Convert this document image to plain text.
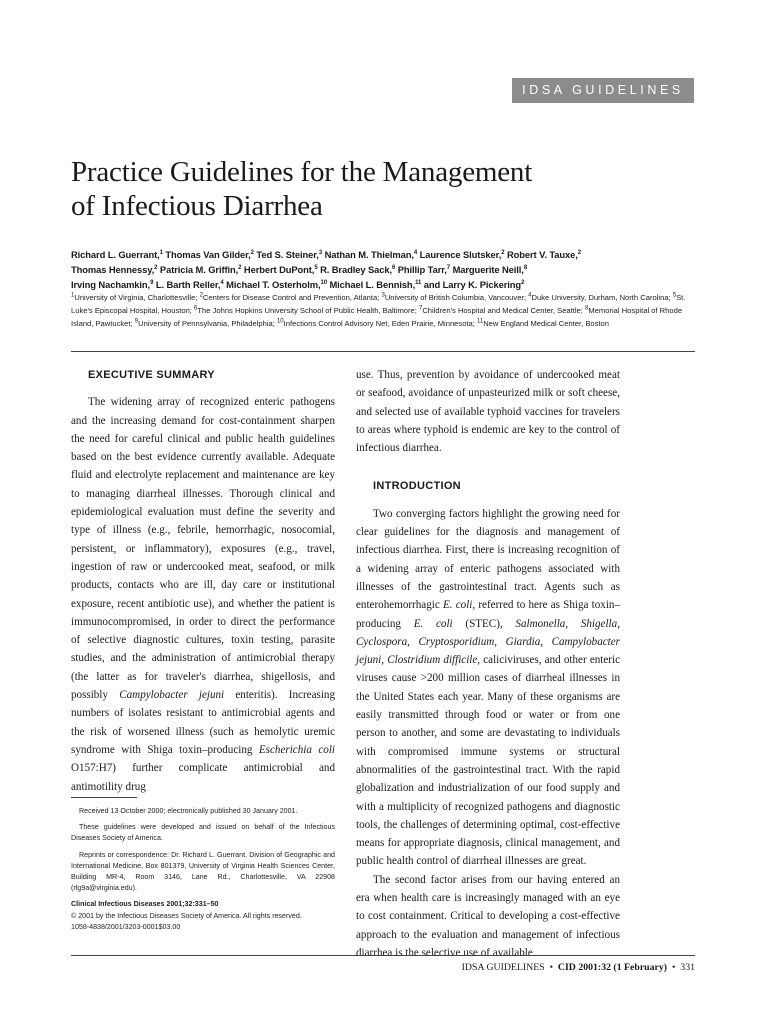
IDSA GUIDELINES
Practice Guidelines for the Management
of Infectious Diarrhea
Richard L. Guerrant,$^1$ Thomas Van Gilder,$^2$ Ted S. Steiner,$^3$ Nathan M. Thielman,$^4$ Laurence Slutsker,$^2$ Robert V. Tauxe,$^2$
Thomas Hennessy,$^2$ Patricia M. Griffin,$^2$ Herbert DuPont,$^5$ R. Bradley Sack,$^6$ Phillip Tarr,$^7$ Marguerite Neill,$^8$
Irving Nachamkin,$^9$ L. Barth Reller,$^4$ Michael T. Osterholm,$^{10}$ Michael L. Bennish,$^{11}$ and Larry K. Pickering$^2$
$^1$University of Virginia, Charlottesville; $^2$Centers for Disease Control and Prevention, Atlanta; $^3$University of British Columbia, Vancouver; $^4$Duke University, Durham, North Carolina; $^5$St. Luke's Episcopal Hospital, Houston; $^6$The Johns Hopkins University School of Public Health, Baltimore; $^7$Children's Hospital and Medical Center, Seattle; $^8$Memorial Hospital of Rhode Island, Pawtucket; $^9$University of Pennsylvania, Philadelphia; $^{10}$Infections Control Advisory Net, Eden Prairie, Minnesota; $^{11}$New England Medical Center, Boston

EXECUTIVE SUMMARY

The widening array of recognized enteric pathogens and the increasing demand for cost-containment sharpen the need for careful clinical and public health guidelines based on the best evidence currently available. Adequate fluid and electrolyte replacement and maintenance are key to managing diarrheal illnesses. Thorough clinical and epidemiological evaluation must define the severity and type of illness (e.g., febrile, hemorrhagic, nosocomial, persistent, or inflammatory), exposures (e.g., travel, ingestion of raw or undercooked meat, seafood, or milk products, contacts who are ill, day care or institutional exposure, recent antibiotic use), and whether the patient is immunocompromised, in order to direct the performance of selective diagnostic cultures, toxin testing, parasite studies, and the administration of antimicrobial therapy (the latter as for traveler's diarrhea, shigellosis, and possibly Campylobacter jejuni enteritis). Increasing numbers of isolates resistant to antimicrobial agents and the risk of worsened illness (such as hemolytic uremic syndrome with Shiga toxin–producing Escherichia coli O157:H7) further complicate antimicrobial and antimotility drug

Received 13 October 2000; electronically published 30 January 2001.

These guidelines were developed and issued on behalf of the Infectious Diseases Society of America.

Reprints or correspondence: Dr. Richard L. Guerrant, Division of Geographic and International Medicine, Box 801379, University of Virginia Health Sciences Center, Building MR-4, Room 3146, Lane Rd., Charlottesville, VA 22908 (rlg9a@virginia.edu).

Clinical Infectious Diseases 2001;32:331–50

© 2001 by the Infectious Diseases Society of America. All rights reserved.

1058-4838/2001/3203-0001$03.00

use. Thus, prevention by avoidance of undercooked meat or seafood, avoidance of unpasteurized milk or soft cheese, and selected use of available typhoid vaccines for travelers to areas where typhoid is endemic are key to the control of infectious diarrhea.

INTRODUCTION

Two converging factors highlight the growing need for clear guidelines for the diagnosis and management of infectious diarrhea. First, there is increasing recognition of a widening array of enteric pathogens associated with illnesses of the gastrointestinal tract. Agents such as enterohemorrhagic E. coli, referred to here as Shiga toxin–producing E. coli (STEC), Salmonella, Shigella, Cyclospora, Cryptosporidium, Giardia, Campylobacter jejuni, Clostridium difficile, caliciviruses, and other enteric viruses cause >200 million cases of diarrheal illnesses in the United States each year. Many of these organisms are easily transmitted through food or water or from one person to another, and some are devastating to individuals with compromised immune systems or structural abnormalities of the gastrointestinal tract. With the rapid globalization and industrialization of our food supply and with a multiplicity of recognized pathogens and diagnostic tools, the challenges of determining optimal, cost-effective means for appropriate diagnosis, clinical management, and public health control of diarrheal illnesses are great.

The second factor arises from our having entered an era when health care is increasingly managed with an eye to cost containment. Critical to developing a cost-effective approach to the evaluation and management of infectious diarrhea is the selective use of available

IDSA GUIDELINES • CID 2001:32 (1 February) • 331
